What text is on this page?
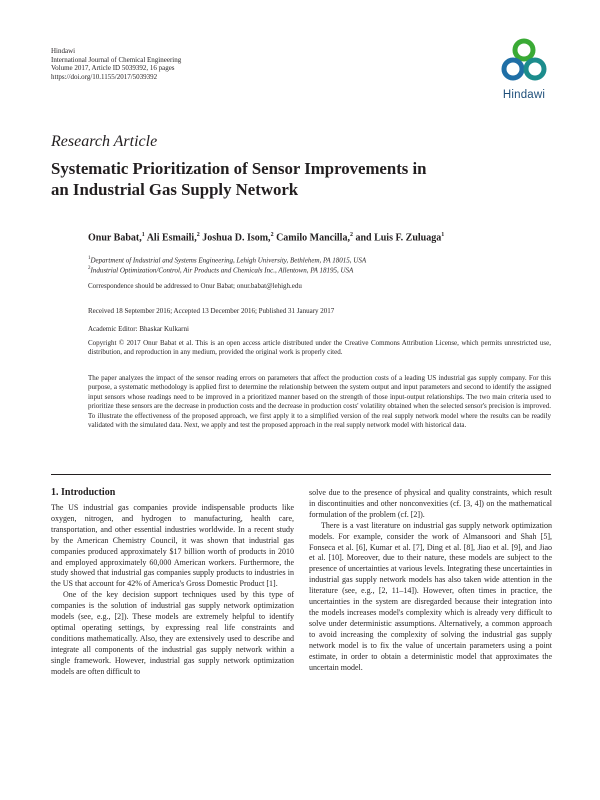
Hindawi
International Journal of Chemical Engineering
Volume 2017, Article ID 5039392, 16 pages
https://doi.org/10.1155/2017/5039392
Hindawi
Research Article
Systematic Prioritization of Sensor Improvements in
an Industrial Gas Supply Network
Onur Babat,$^1$ Ali Esmaili,$^2$ Joshua D. Isom,$^2$ Camilo Mancilla,$^2$ and Luis F. Zuluaga$^1$
$^1$Department of Industrial and Systems Engineering, Lehigh University, Bethlehem, PA 18015, USA
$^2$Industrial Optimization/Control, Air Products and Chemicals Inc., Allentown, PA 18195, USA
Correspondence should be addressed to Onur Babat; onur.babat@lehigh.edu
Received 18 September 2016; Accepted 13 December 2016; Published 31 January 2017
Academic Editor: Bhaskar Kulkarni
Copyright © 2017 Onur Babat et al. This is an open access article distributed under the Creative Commons Attribution License, which permits unrestricted use, distribution, and reproduction in any medium, provided the original work is properly cited.
The paper analyzes the impact of the sensor reading errors on parameters that affect the production costs of a leading US industrial gas supply company. For this purpose, a systematic methodology is applied first to determine the relationship between the system output and input parameters and second to identify the assigned input sensors whose readings need to be improved in a prioritized manner based on the strength of those input-output relationships. The two main criteria used to prioritize these sensors are the decrease in production costs and the decrease in production costs' volatility obtained when the selected sensor's precision is improved. To illustrate the effectiveness of the proposed approach, we first apply it to a simplified version of the real supply network model where the results can be readily validated with the simulated data. Next, we apply and test the proposed approach in the real supply network model with historical data.
1. Introduction

The US industrial gas companies provide indispensable products like oxygen, nitrogen, and hydrogen to manufacturing, health care, transportation, and other essential industries worldwide. In a recent study by the American Chemistry Council, it was shown that industrial gas companies produced approximately $17 billion worth of products in 2010 and employed approximately 60,000 American workers. Furthermore, the study showed that industrial gas companies supply products to industries in the US that account for 42% of America's Gross Domestic Product [1].

One of the key decision support techniques used by this type of companies is the solution of industrial gas supply network optimization models (see, e.g., [2]). These models are extremely helpful to identify optimal operating settings, by expressing real life constraints and conditions mathematically. Also, they are extensively used to describe and integrate all components of the industrial gas supply network within a single framework. However, industrial gas supply network optimization models are often difficult to

solve due to the presence of physical and quality constraints, which result in discontinuities and other nonconvexities (cf. [3, 4]) on the mathematical formulation of the problem (cf. [2]).

There is a vast literature on industrial gas supply network optimization models. For example, consider the work of Almansoori and Shah [5], Fonseca et al. [6], Kumar et al. [7], Ding et al. [8], Jiao et al. [9], and Jiao et al. [10]. Moreover, due to their nature, these models are subject to the presence of uncertainties at various levels. Integrating these uncertainties in industrial gas supply network models has also taken wide attention in the literature (see, e.g., [2, 11–14]). However, often times in practice, the uncertainties in the system are disregarded because their integration into the models increases model's complexity which is already very difficult to solve under deterministic assumptions. Alternatively, a common approach to avoid increasing the complexity of solving the industrial gas supply network model is to fix the value of uncertain parameters using a point estimate, in order to obtain a deterministic model that approximates the uncertain model.
